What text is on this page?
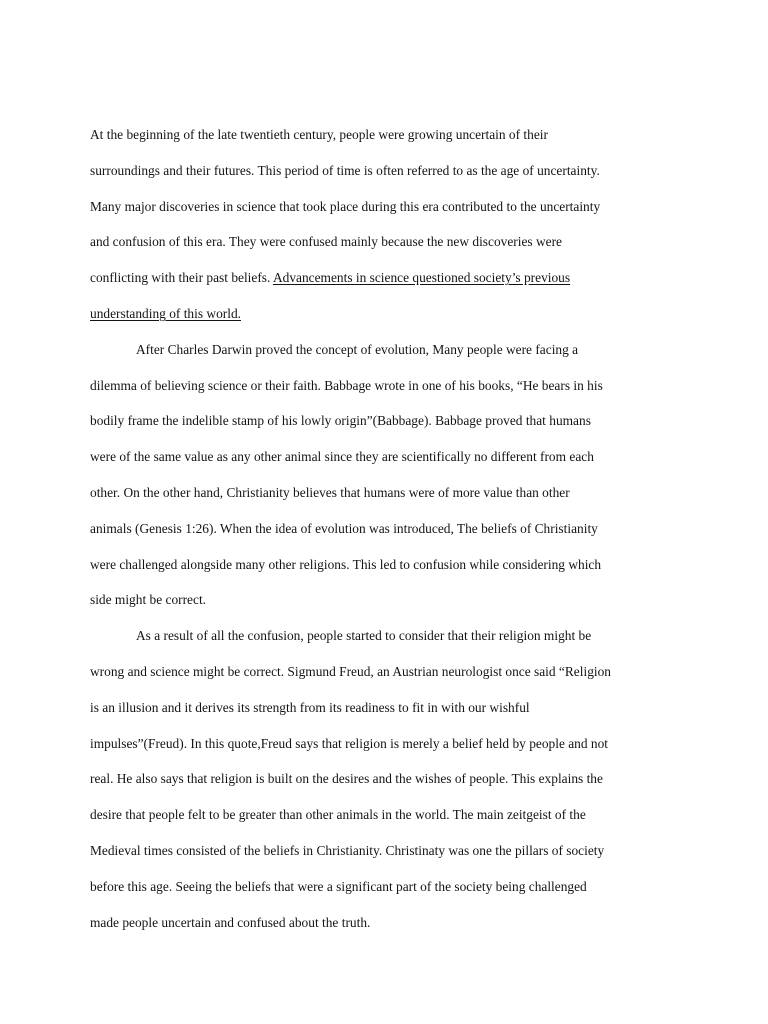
At the beginning of the late twentieth century, people were growing uncertain of their
surroundings and their futures. This period of time is often referred to as the age of uncertainty.
Many major discoveries in science that took place during this era contributed to the uncertainty
and confusion of this era. They were confused mainly because the new discoveries were
conflicting with their past beliefs. Advancements in science questioned society’s previous
understanding of this world.
After Charles Darwin proved the concept of evolution, Many people were facing a
dilemma of believing science or their faith. Babbage wrote in one of his books, “He bears in his
bodily frame the indelible stamp of his lowly origin”(Babbage). Babbage proved that humans
were of the same value as any other animal since they are scientifically no different from each
other. On the other hand, Christianity believes that humans were of more value than other
animals (Genesis 1:26). When the idea of evolution was introduced, The beliefs of Christianity
were challenged alongside many other religions. This led to confusion while considering which
side might be correct.
As a result of all the confusion, people started to consider that their religion might be
wrong and science might be correct. Sigmund Freud, an Austrian neurologist once said “Religion
is an illusion and it derives its strength from its readiness to fit in with our wishful
impulses”(Freud). In this quote,Freud says that religion is merely a belief held by people and not
real. He also says that religion is built on the desires and the wishes of people. This explains the
desire that people felt to be greater than other animals in the world. The main zeitgeist of the
Medieval times consisted of the beliefs in Christianity. Christinaty was one the pillars of society
before this age. Seeing the beliefs that were a significant part of the society being challenged
made people uncertain and confused about the truth.
